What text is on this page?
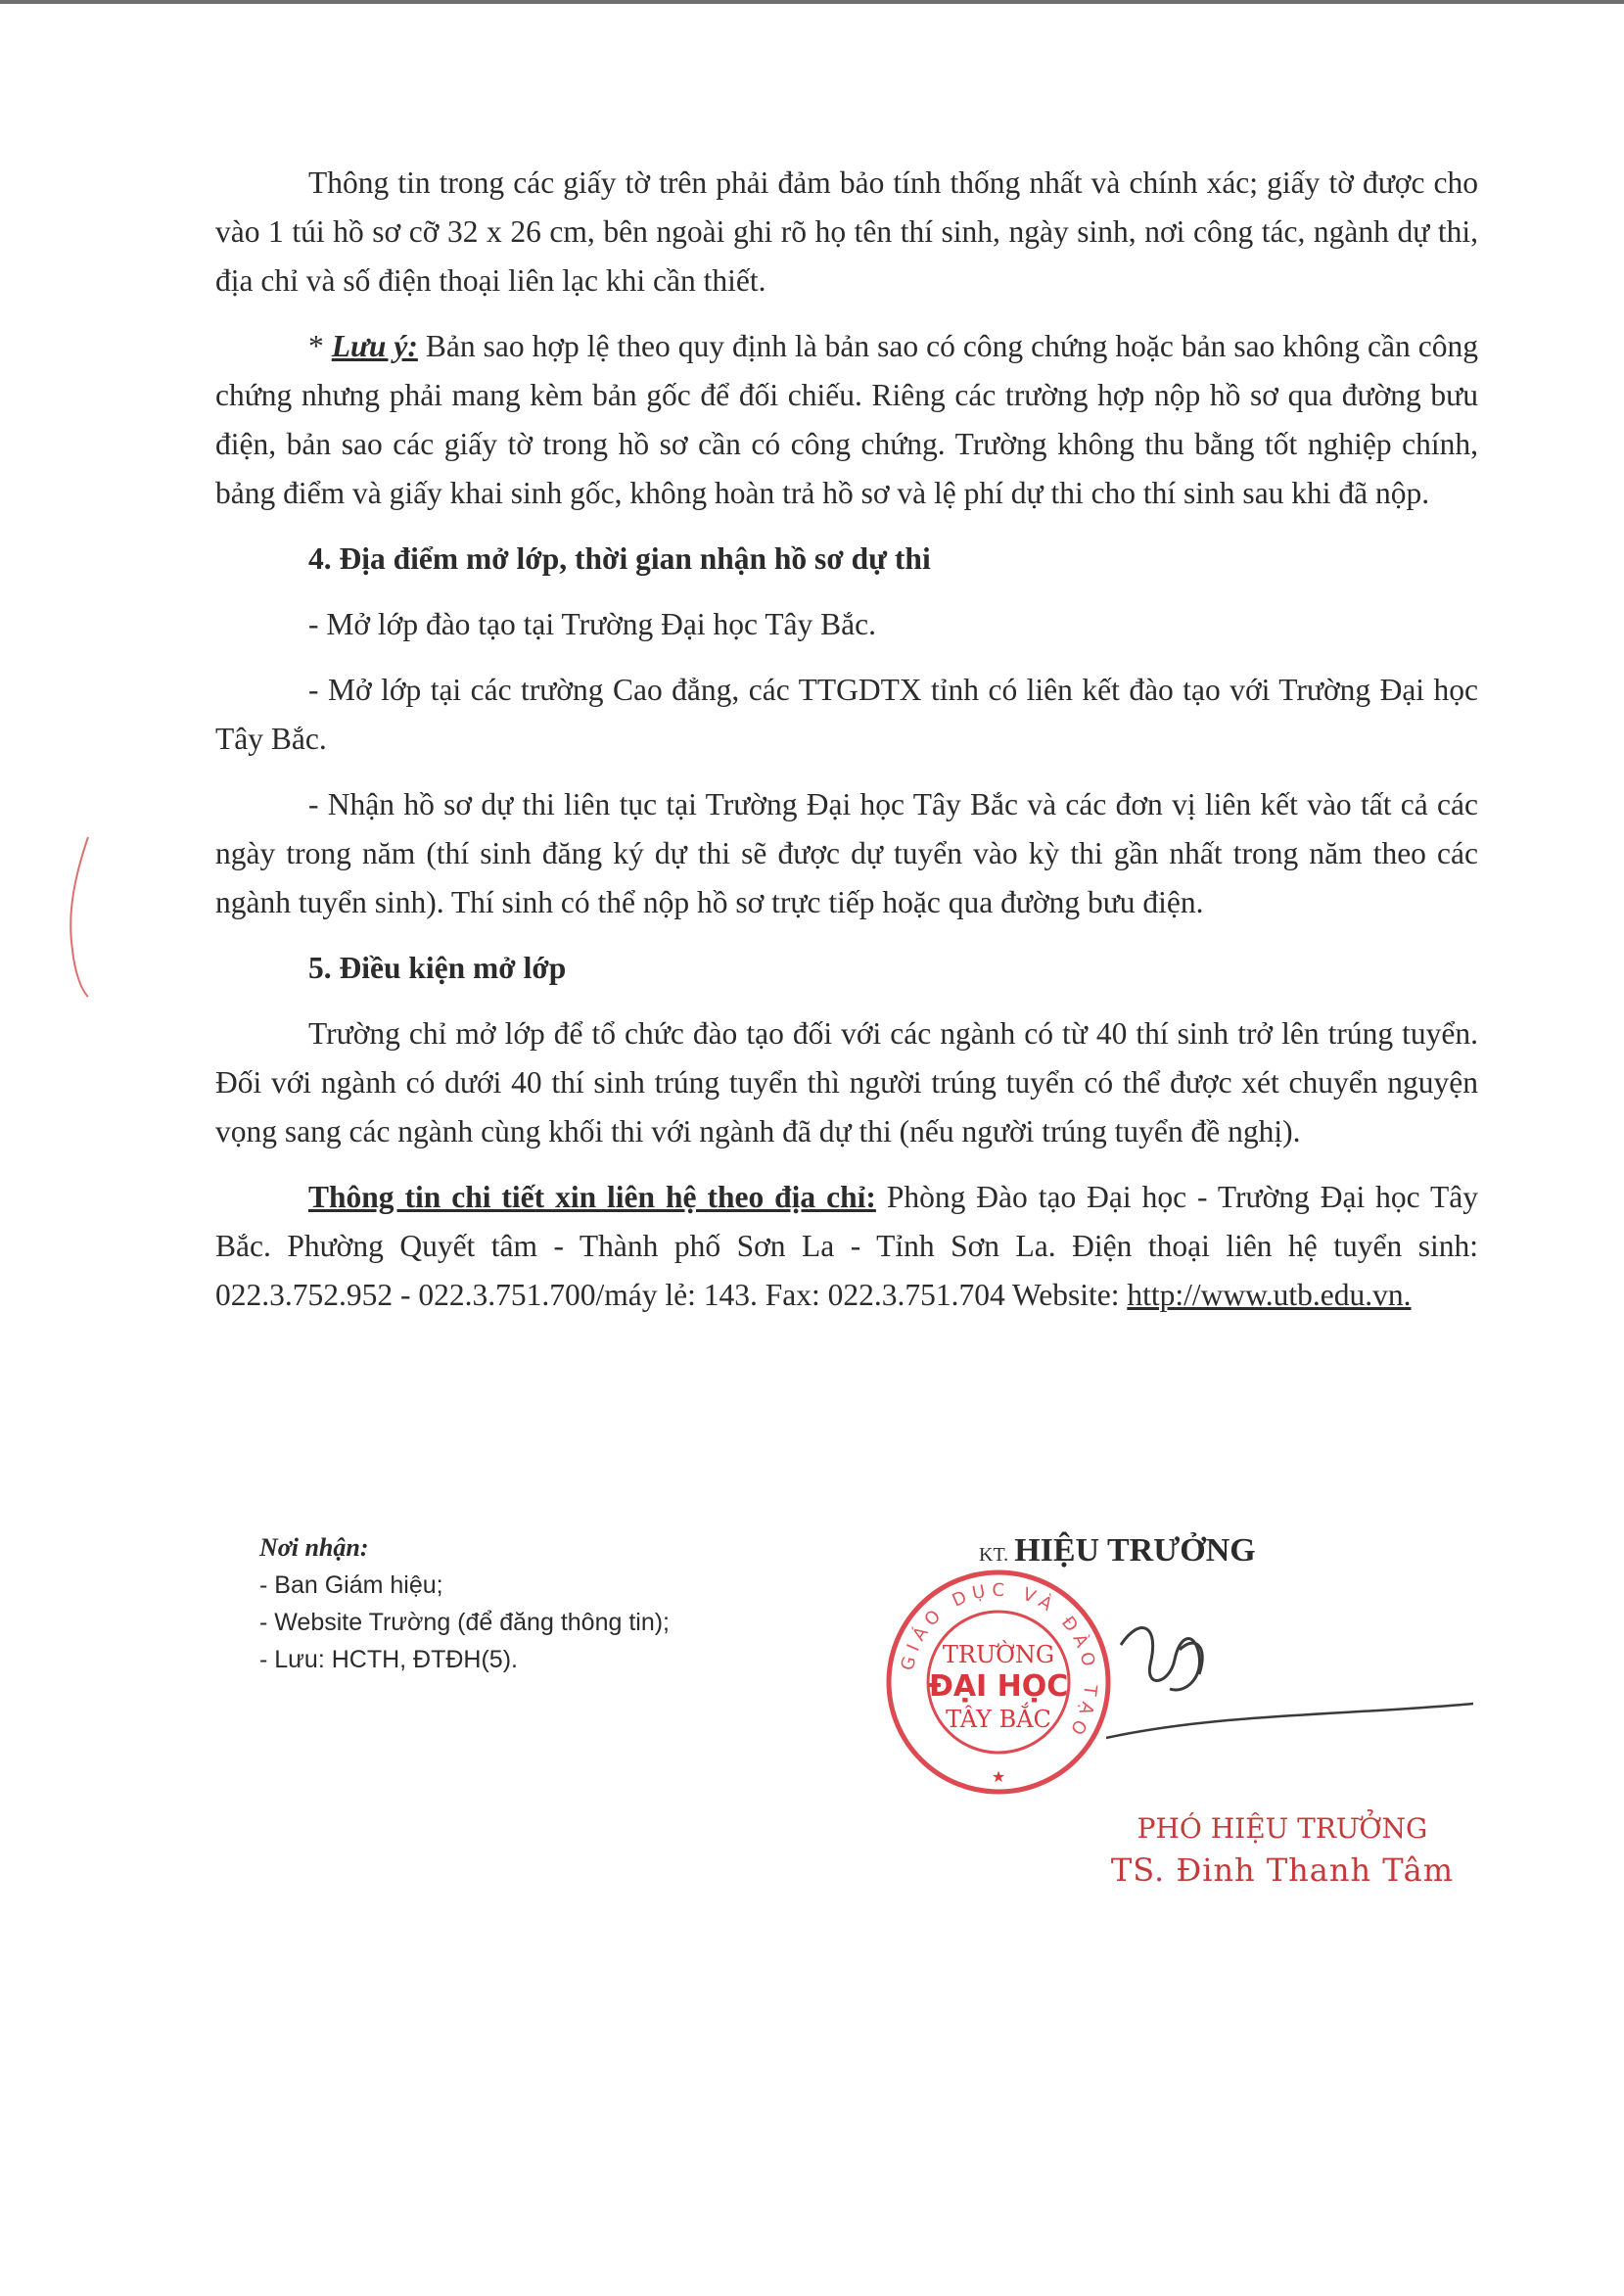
Thông tin trong các giấy tờ trên phải đảm bảo tính thống nhất và chính xác; giấy tờ được cho vào 1 túi hồ sơ cỡ 32 x 26 cm, bên ngoài ghi rõ họ tên thí sinh, ngày sinh, nơi công tác, ngành dự thi, địa chỉ và số điện thoại liên lạc khi cần thiết.

* Lưu ý: Bản sao hợp lệ theo quy định là bản sao có công chứng hoặc bản sao không cần công chứng nhưng phải mang kèm bản gốc để đối chiếu. Riêng các trường hợp nộp hồ sơ qua đường bưu điện, bản sao các giấy tờ trong hồ sơ cần có công chứng. Trường không thu bằng tốt nghiệp chính, bảng điểm và giấy khai sinh gốc, không hoàn trả hồ sơ và lệ phí dự thi cho thí sinh sau khi đã nộp.

4. Địa điểm mở lớp, thời gian nhận hồ sơ dự thi

- Mở lớp đào tạo tại Trường Đại học Tây Bắc.

- Mở lớp tại các trường Cao đẳng, các TTGDTX tỉnh có liên kết đào tạo với Trường Đại học Tây Bắc.

- Nhận hồ sơ dự thi liên tục tại Trường Đại học Tây Bắc và các đơn vị liên kết vào tất cả các ngày trong năm (thí sinh đăng ký dự thi sẽ được dự tuyển vào kỳ thi gần nhất trong năm theo các ngành tuyển sinh). Thí sinh có thể nộp hồ sơ trực tiếp hoặc qua đường bưu điện.

5. Điều kiện mở lớp

Trường chỉ mở lớp để tổ chức đào tạo đối với các ngành có từ 40 thí sinh trở lên trúng tuyển. Đối với ngành có dưới 40 thí sinh trúng tuyển thì người trúng tuyển có thể được xét chuyển nguyện vọng sang các ngành cùng khối thi với ngành đã dự thi (nếu người trúng tuyển đề nghị).

Thông tin chi tiết xin liên hệ theo địa chỉ: Phòng Đào tạo Đại học - Trường Đại học Tây Bắc. Phường Quyết tâm - Thành phố Sơn La - Tỉnh Sơn La. Điện thoại liên hệ tuyển sinh: 022.3.752.952 - 022.3.751.700/máy lẻ: 143. Fax: 022.3.751.704 Website: http://www.utb.edu.vn.

Nơi nhận:
- Ban Giám hiệu;
- Website Trường (để đăng thông tin);
- Lưu: HCTH, ĐTĐH(5).
KT. HIỆU TRƯỞNG
GIÁO DỤC VÀ ĐÀO TẠO
TRƯỜNG
ĐẠI HỌC
TÂY BẮC
★
PHÓ HIỆU TRƯỞNG
TS. Đinh Thanh Tâm
